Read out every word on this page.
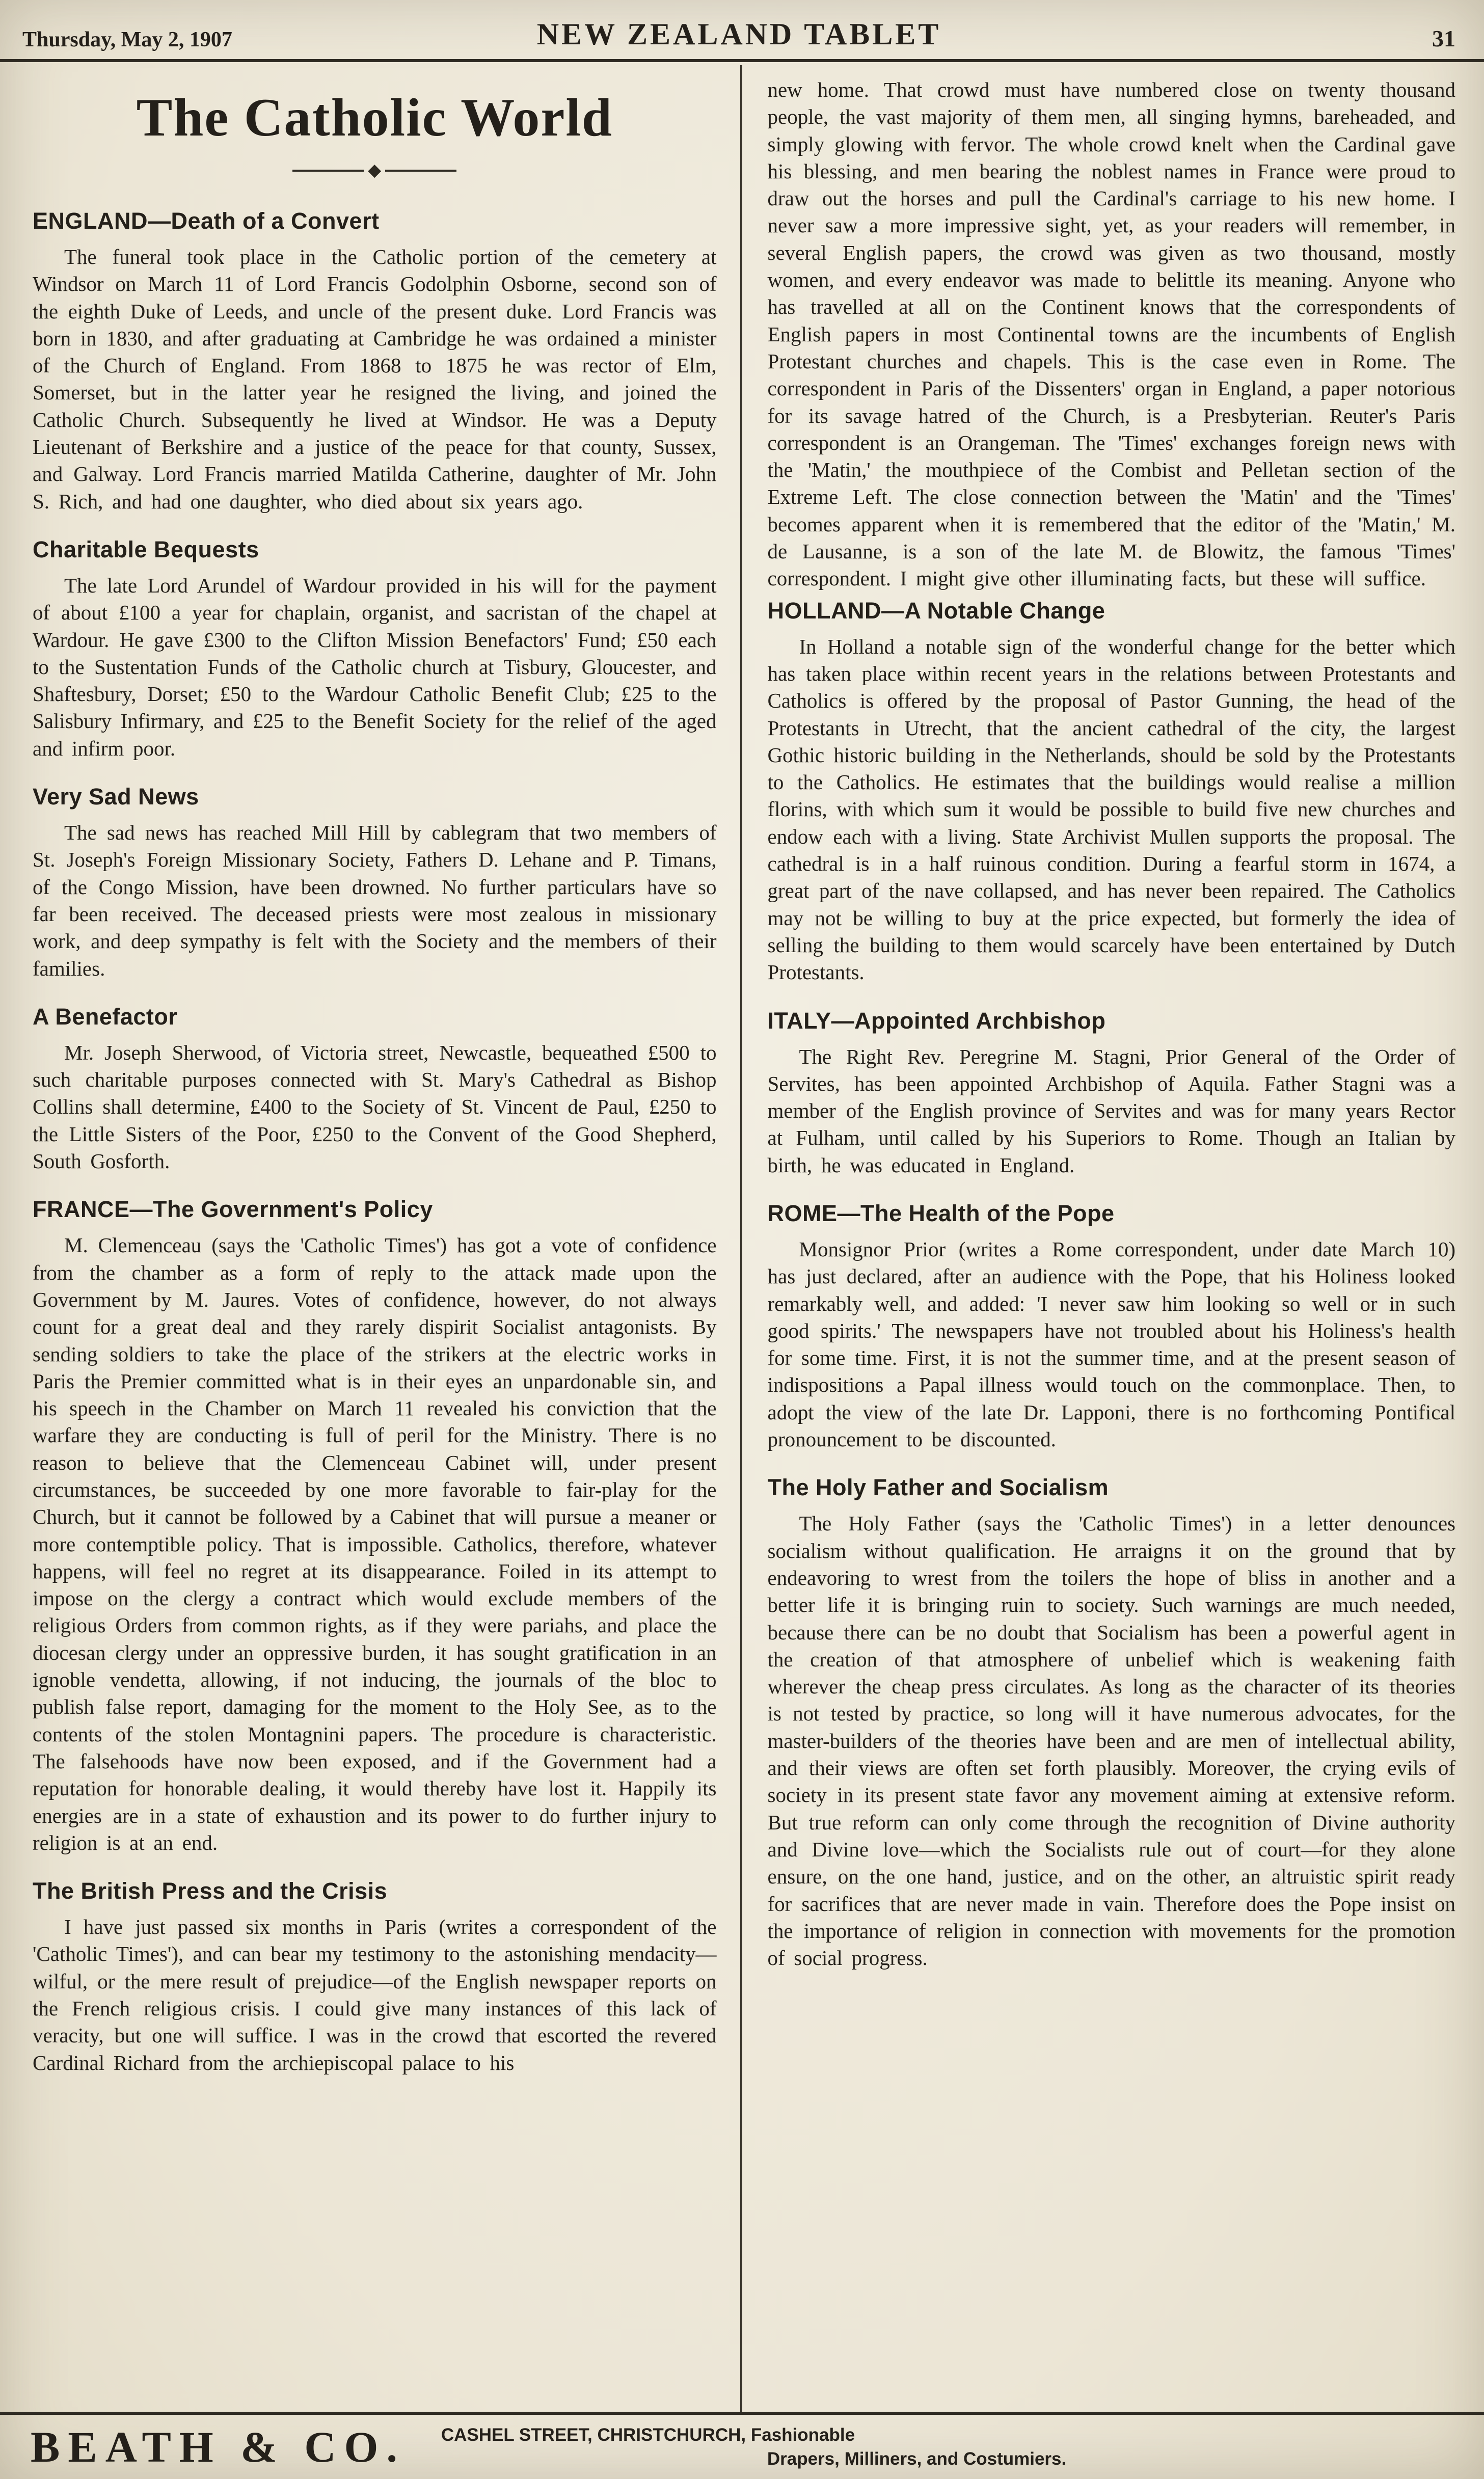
Thursday, May 2, 1907	NEW ZEALAND TABLET	31
The Catholic World
◆
ENGLAND—Death of a Convert

The funeral took place in the Catholic portion of the cemetery at Windsor on March 11 of Lord Francis Godolphin Osborne, second son of the eighth Duke of Leeds, and uncle of the present duke. Lord Francis was born in 1830, and after graduating at Cambridge he was ordained a minister of the Church of England. From 1868 to 1875 he was rector of Elm, Somerset, but in the latter year he resigned the living, and joined the Catholic Church. Subsequently he lived at Windsor. He was a Deputy Lieutenant of Berkshire and a justice of the peace for that county, Sussex, and Galway. Lord Francis married Matilda Catherine, daughter of Mr. John S. Rich, and had one daughter, who died about six years ago.

Charitable Bequests

The late Lord Arundel of Wardour provided in his will for the payment of about £100 a year for chaplain, organist, and sacristan of the chapel at Wardour. He gave £300 to the Clifton Mission Benefactors' Fund; £50 each to the Sustentation Funds of the Catholic church at Tisbury, Gloucester, and Shaftesbury, Dorset; £50 to the Wardour Catholic Benefit Club; £25 to the Salisbury Infirmary, and £25 to the Benefit Society for the relief of the aged and infirm poor.

Very Sad News

The sad news has reached Mill Hill by cablegram that two members of St. Joseph's Foreign Missionary Society, Fathers D. Lehane and P. Timans, of the Congo Mission, have been drowned. No further particulars have so far been received. The deceased priests were most zealous in missionary work, and deep sympathy is felt with the Society and the members of their families.

A Benefactor

Mr. Joseph Sherwood, of Victoria street, Newcastle, bequeathed £500 to such charitable purposes connected with St. Mary's Cathedral as Bishop Collins shall determine, £400 to the Society of St. Vincent de Paul, £250 to the Little Sisters of the Poor, £250 to the Convent of the Good Shepherd, South Gosforth.

FRANCE—The Government's Policy

M. Clemenceau (says the 'Catholic Times') has got a vote of confidence from the chamber as a form of reply to the attack made upon the Government by M. Jaures. Votes of confidence, however, do not always count for a great deal and they rarely dispirit Socialist antagonists. By sending soldiers to take the place of the strikers at the electric works in Paris the Premier committed what is in their eyes an unpardonable sin, and his speech in the Chamber on March 11 revealed his conviction that the warfare they are conducting is full of peril for the Ministry. There is no reason to believe that the Clemenceau Cabinet will, under present circumstances, be succeeded by one more favorable to fair-play for the Church, but it cannot be followed by a Cabinet that will pursue a meaner or more contemptible policy. That is impossible. Catholics, therefore, whatever happens, will feel no regret at its disappearance. Foiled in its attempt to impose on the clergy a contract which would exclude members of the religious Orders from common rights, as if they were pariahs, and place the diocesan clergy under an oppressive burden, it has sought gratification in an ignoble vendetta, allowing, if not inducing, the journals of the bloc to publish false report, damaging for the moment to the Holy See, as to the contents of the stolen Montagnini papers. The procedure is characteristic. The falsehoods have now been exposed, and if the Government had a reputation for honorable dealing, it would thereby have lost it. Happily its energies are in a state of exhaustion and its power to do further injury to religion is at an end.

The British Press and the Crisis

I have just passed six months in Paris (writes a correspondent of the 'Catholic Times'), and can bear my testimony to the astonishing mendacity—wilful, or the mere result of prejudice—of the English newspaper reports on the French religious crisis. I could give many instances of this lack of veracity, but one will suffice. I was in the crowd that escorted the revered Cardinal Richard from the archiepiscopal palace to his

new home. That crowd must have numbered close on twenty thousand people, the vast majority of them men, all singing hymns, bareheaded, and simply glowing with fervor. The whole crowd knelt when the Cardinal gave his blessing, and men bearing the noblest names in France were proud to draw out the horses and pull the Cardinal's carriage to his new home. I never saw a more impressive sight, yet, as your readers will remember, in several English papers, the crowd was given as two thousand, mostly women, and every endeavor was made to belittle its meaning. Anyone who has travelled at all on the Continent knows that the correspondents of English papers in most Continental towns are the incumbents of English Protestant churches and chapels. This is the case even in Rome. The correspondent in Paris of the Dissenters' organ in England, a paper notorious for its savage hatred of the Church, is a Presbyterian. Reuter's Paris correspondent is an Orangeman. The 'Times' exchanges foreign news with the 'Matin,' the mouthpiece of the Combist and Pelletan section of the Extreme Left. The close connection between the 'Matin' and the 'Times' becomes apparent when it is remembered that the editor of the 'Matin,' M. de Lausanne, is a son of the late M. de Blowitz, the famous 'Times' correspondent. I might give other illuminating facts, but these will suffice.

HOLLAND—A Notable Change

In Holland a notable sign of the wonderful change for the better which has taken place within recent years in the relations between Protestants and Catholics is offered by the proposal of Pastor Gunning, the head of the Protestants in Utrecht, that the ancient cathedral of the city, the largest Gothic historic building in the Netherlands, should be sold by the Protestants to the Catholics. He estimates that the buildings would realise a million florins, with which sum it would be possible to build five new churches and endow each with a living. State Archivist Mullen supports the proposal. The cathedral is in a half ruinous condition. During a fearful storm in 1674, a great part of the nave collapsed, and has never been repaired. The Catholics may not be willing to buy at the price expected, but formerly the idea of selling the building to them would scarcely have been entertained by Dutch Protestants.

ITALY—Appointed Archbishop

The Right Rev. Peregrine M. Stagni, Prior General of the Order of Servites, has been appointed Archbishop of Aquila. Father Stagni was a member of the English province of Servites and was for many years Rector at Fulham, until called by his Superiors to Rome. Though an Italian by birth, he was educated in England.

ROME—The Health of the Pope

Monsignor Prior (writes a Rome correspondent, under date March 10) has just declared, after an audience with the Pope, that his Holiness looked remarkably well, and added: 'I never saw him looking so well or in such good spirits.' The newspapers have not troubled about his Holiness's health for some time. First, it is not the summer time, and at the present season of indispositions a Papal illness would touch on the commonplace. Then, to adopt the view of the late Dr. Lapponi, there is no forthcoming Pontifical pronouncement to be discounted.

The Holy Father and Socialism

The Holy Father (says the 'Catholic Times') in a letter denounces socialism without qualification. He arraigns it on the ground that by endeavoring to wrest from the toilers the hope of bliss in another and a better life it is bringing ruin to society. Such warnings are much needed, because there can be no doubt that Socialism has been a powerful agent in the creation of that atmosphere of unbelief which is weakening faith wherever the cheap press circulates. As long as the character of its theories is not tested by practice, so long will it have numerous advocates, for the master-builders of the theories have been and are men of intellectual ability, and their views are often set forth plausibly. Moreover, the crying evils of society in its present state favor any movement aiming at extensive reform. But true reform can only come through the recognition of Divine authority and Divine love—which the Socialists rule out of court—for they alone ensure, on the one hand, justice, and on the other, an altruistic spirit ready for sacrifices that are never made in vain. Therefore does the Pope insist on the importance of religion in connection with movements for the promotion of social progress.

BEATH & CO. CASHEL STREET, CHRISTCHURCH, Fashionable
Drapers, Milliners, and Costumiers.
